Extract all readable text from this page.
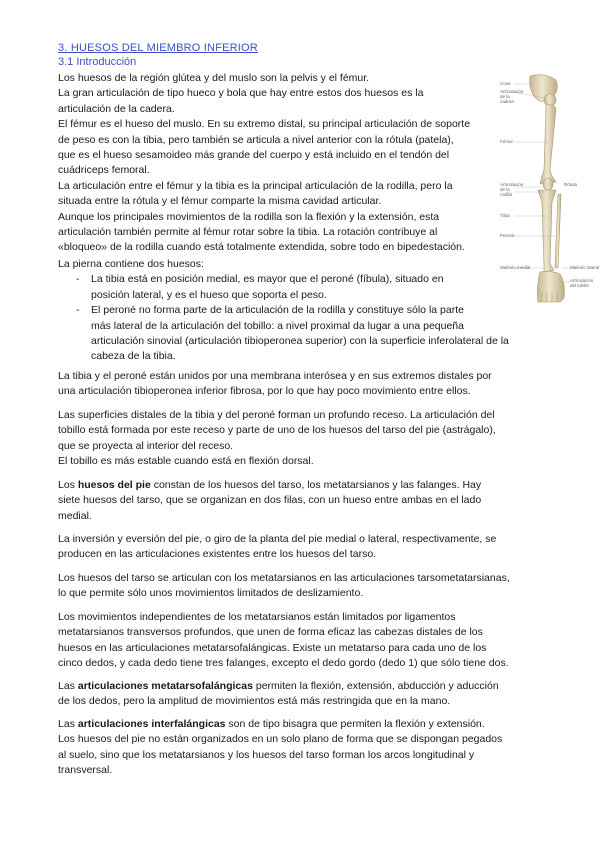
3. HUESOS DEL MIEMBRO INFERIOR
3.1 Introducción
Los huesos de la región glútea y del muslo son la pelvis y el fémur.
La gran articulación de tipo hueco y bola que hay entre estos dos huesos es la
articulación de la cadera.
El fémur es el hueso del muslo. En su extremo distal, su principal articulación de soporte
de peso es con la tibia, pero también se articula a nivel anterior con la rótula (patela),
que es el hueso sesamoideo más grande del cuerpo y está incluido en el tendón del
cuádriceps femoral.
La articulación entre el fémur y la tibia es la principal articulación de la rodilla, pero la
situada entre la rótula y el fémur comparte la misma cavidad articular.
Aunque los principales movimientos de la rodilla son la flexión y la extensión, esta
articulación también permite al fémur rotar sobre la tibia. La rotación contribuye al
«bloqueo» de la rodilla cuando está totalmente extendida, sobre todo en bipedestación.
La pierna contiene dos huesos:
- La tibia está en posición medial, es mayor que el peroné (fíbula), situado en
posición lateral, y es el hueso que soporta el peso.
- El peroné no forma parte de la articulación de la rodilla y constituye sólo la parte
más lateral de la articulación del tobillo: a nivel proximal da lugar a una pequeña
articulación sinovial (articulación tibioperonea superior) con la superficie inferolateral de la
cabeza de la tibia.
La tibia y el peroné están unidos por una membrana interósea y en sus extremos distales por
una articulación tibioperonea inferior fibrosa, por lo que hay poco movimiento entre ellos.
Las superficies distales de la tibia y del peroné forman un profundo receso. La articulación del
tobillo está formada por este receso y parte de uno de los huesos del tarso del pie (astrágalo),
que se proyecta al interior del receso.
El tobillo es más estable cuando está en flexión dorsal.
Los huesos del pie constan de los huesos del tarso, los metatarsianos y las falanges. Hay
siete huesos del tarso, que se organizan en dos filas, con un hueso entre ambas en el lado
medial.
La inversión y eversión del pie, o giro de la planta del pie medial o lateral, respectivamente, se
producen en las articulaciones existentes entre los huesos del tarso.
Los huesos del tarso se articulan con los metatarsianos en las articulaciones tarsometatarsianas,
lo que permite sólo unos movimientos limitados de deslizamiento.
Los movimientos independientes de los metatarsianos están limitados por ligamentos
metatarsianos transversos profundos, que unen de forma eficaz las cabezas distales de los
huesos en las articulaciones metatarsofalángicas. Existe un metatarso para cada uno de los
cinco dedos, y cada dedo tiene tres falanges, excepto el dedo gordo (dedo 1) que sólo tiene dos.
Las articulaciones metatarsofalángicas permiten la flexión, extensión, abducción y aducción
de los dedos, pero la amplitud de movimientos está más restringida que en la mano.
Las articulaciones interfalángicas son de tipo bisagra que permiten la flexión y extensión.
Los huesos del pie no están organizados en un solo plano de forma que se dispongan pegados
al suelo, sino que los metatarsianos y los huesos del tarso forman los arcos longitudinal y
transversal.
Coxa
Articulación de la cadera
Fémur
Articulación de la rodilla
Rótula
Tibia
Peroné
Maléolo medial	Maléolo lateral
Articulación del tobillo
